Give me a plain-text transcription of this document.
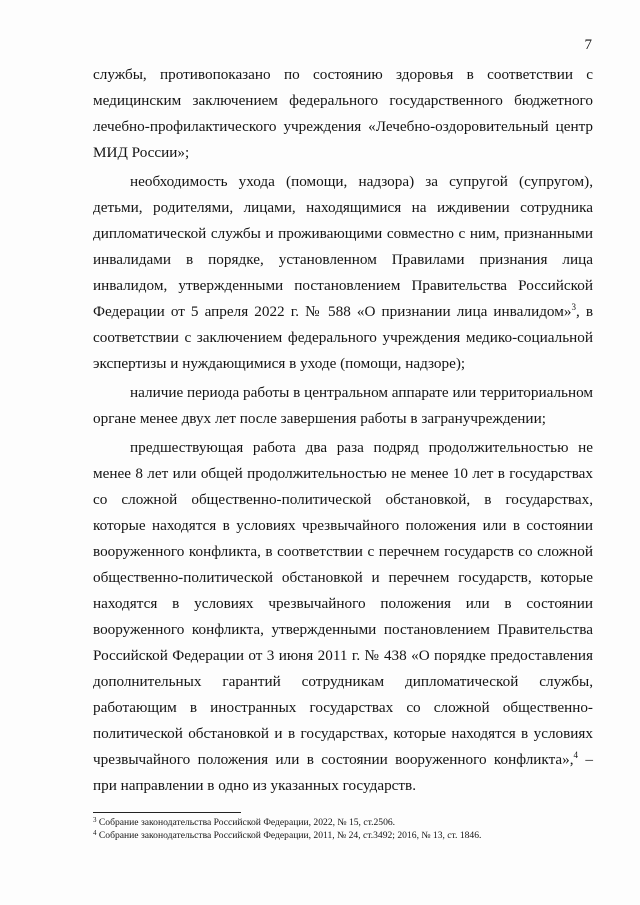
7

службы, противопоказано по состоянию здоровья в соответствии с медицинским заключением федерального государственного бюджетного лечебно-профилактического учреждения «Лечебно-оздоровительный центр МИД России»;

необходимость ухода (помощи, надзора) за супругой (супругом), детьми, родителями, лицами, находящимися на иждивении сотрудника дипломатической службы и проживающими совместно с ним, признанными инвалидами в порядке, установленном Правилами признания лица инвалидом, утвержденными постановлением Правительства Российской Федерации от 5 апреля 2022 г. № 588 «О признании лица инвалидом»$^3$, в соответствии с заключением федерального учреждения медико-социальной экспертизы и нуждающимися в уходе (помощи, надзоре);

наличие периода работы в центральном аппарате или территориальном органе менее двух лет после завершения работы в загранучреждении;

предшествующая работа два раза подряд продолжительностью не менее 8 лет или общей продолжительностью не менее 10 лет в государствах со сложной общественно-политической обстановкой, в государствах, которые находятся в условиях чрезвычайного положения или в состоянии вооруженного конфликта, в соответствии с перечнем государств со сложной общественно-политической обстановкой и перечнем государств, которые находятся в условиях чрезвычайного положения или в состоянии вооруженного конфликта, утвержденными постановлением Правительства Российской Федерации от 3 июня 2011 г. № 438 «О порядке предоставления дополнительных гарантий сотрудникам дипломатической службы, работающим в иностранных государствах со сложной общественно-политической обстановкой и в государствах, которые находятся в условиях чрезвычайного положения или в состоянии вооруженного конфликта»,$^4$ – при направлении в одно из указанных государств.

$^3$ Собрание законодательства Российской Федерации, 2022, № 15, ст.2506.

$^4$ Собрание законодательства Российской Федерации, 2011, № 24, ст.3492; 2016, № 13, ст. 1846.
